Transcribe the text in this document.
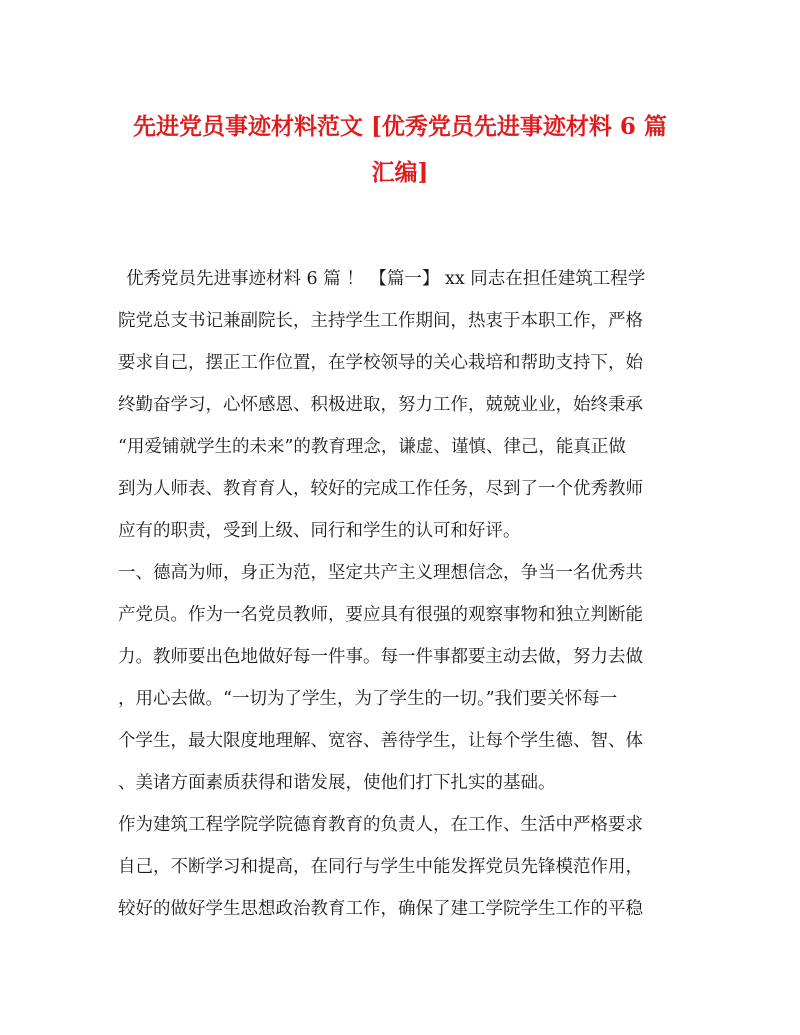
先进党员事迹材料范文 [优秀党员先进事迹材料 6 篇
汇编]
优秀党员先进事迹材料 6 篇 ！ 【篇一】 xx 同志在担任建筑工程学
院党总支书记兼副院长，主持学生工作期间，热衷于本职工作，严格
要求自己，摆正工作位置，在学校领导的关心栽培和帮助支持下，始
终勤奋学习，心怀感恩、积极进取，努力工作，兢兢业业，始终秉承
“用爱铺就学生的未来”的教育理念，谦虚、谨慎、律己，能真正做
到为人师表、教育育人，较好的完成工作任务，尽到了一个优秀教师
应有的职责，受到上级、同行和学生的认可和好评。
一、德高为师，身正为范，坚定共产主义理想信念，争当一名优秀共
产党员。作为一名党员教师，要应具有很强的观察事物和独立判断能
力。教师要出色地做好每一件事。每一件事都要主动去做，努力去做
，用心去做。“一切为了学生，为了学生的一切。”我们要关怀每一
个学生，最大限度地理解、宽容、善待学生，让每个学生德、智、体
、美诸方面素质获得和谐发展，使他们打下扎实的基础。
作为建筑工程学院学院德育教育的负责人，在工作、生活中严格要求
自己，不断学习和提高，在同行与学生中能发挥党员先锋模范作用，
较好的做好学生思想政治教育工作，确保了建工学院学生工作的平稳
